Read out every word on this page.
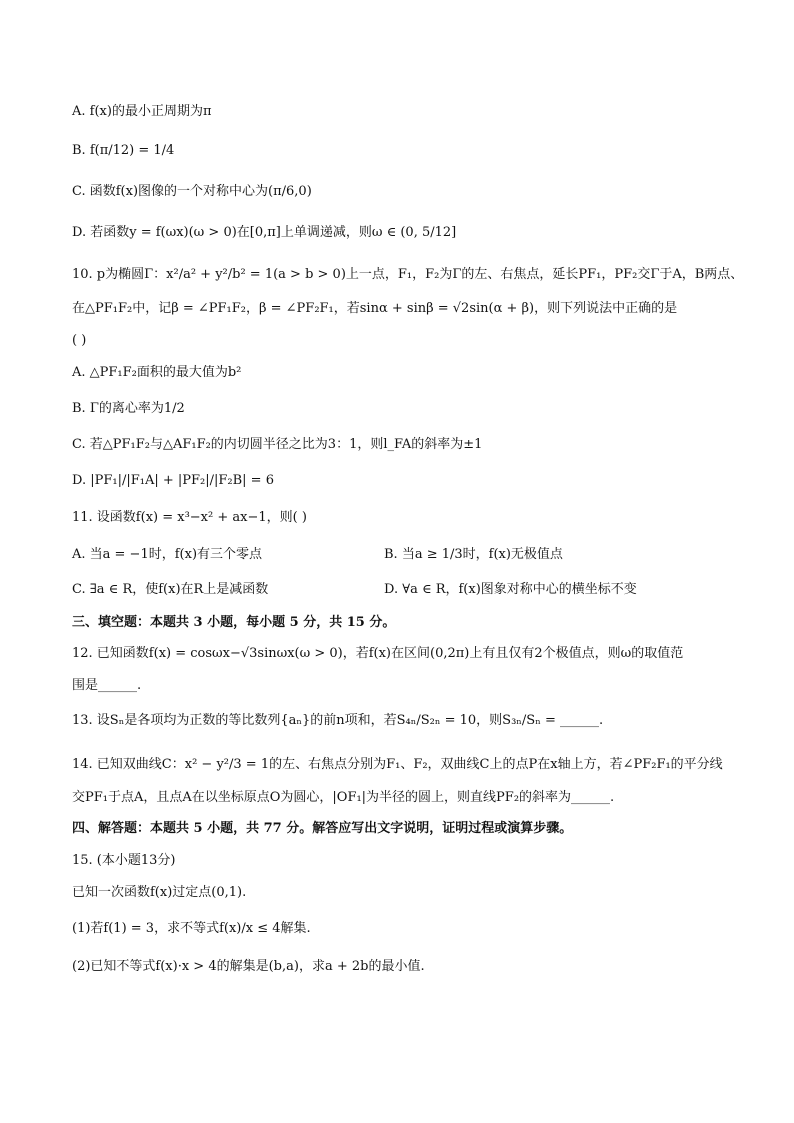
A. f(x)的最小正周期为π
B. f(π/12) = 1/4
C. 函数f(x)图像的一个对称中心为(π/6,0)
D. 若函数y = f(ωx)(ω > 0)在[0,π]上单调递减，则ω ∈ (0, 5/12]
10. p为椭圆Γ：x²/a² + y²/b² = 1(a > b > 0)上一点，F₁，F₂为Γ的左、右焦点，延长PF₁，PF₂交Γ于A，B两点、
在△PF₁F₂中，记β = ∠PF₁F₂，β = ∠PF₂F₁，若sinα + sinβ = √2sin(α + β)，则下列说法中正确的是
( )
A. △PF₁F₂面积的最大值为b²
B. Γ的离心率为1/2
C. 若△PF₁F₂与△AF₁F₂的内切圆半径之比为3：1，则l_FA的斜率为±1
D. |PF₁|/|F₁A| + |PF₂|/|F₂B| = 6
11. 设函数f(x) = x³−x² + ax−1，则( )
A. 当a = −1时，f(x)有三个零点	B. 当a ≥ 1/3时，f(x)无极值点
C. ∃a ∈ R，使f(x)在R上是减函数	D. ∀a ∈ R，f(x)图象对称中心的横坐标不变
三、填空题：本题共 3 小题，每小题 5 分，共 15 分。
12. 已知函数f(x) = cosωx−√3sinωx(ω > 0)，若f(x)在区间(0,2π)上有且仅有2个极值点，则ω的取值范
围是______.
13. 设Sₙ是各项均为正数的等比数列{aₙ}的前n项和，若S₄ₙ/S₂ₙ = 10，则S₃ₙ/Sₙ = ______.
14. 已知双曲线C：x² − y²/3 = 1的左、右焦点分别为F₁、F₂，双曲线C上的点P在x轴上方，若∠PF₂F₁的平分线
交PF₁于点A，且点A在以坐标原点O为圆心，|OF₁|为半径的圆上，则直线PF₂的斜率为______.
四、解答题：本题共 5 小题，共 77 分。解答应写出文字说明，证明过程或演算步骤。
15. (本小题13分)
已知一次函数f(x)过定点(0,1).
(1)若f(1) = 3，求不等式f(x)/x ≤ 4解集.
(2)已知不等式f(x)·x > 4的解集是(b,a)，求a + 2b的最小值.
